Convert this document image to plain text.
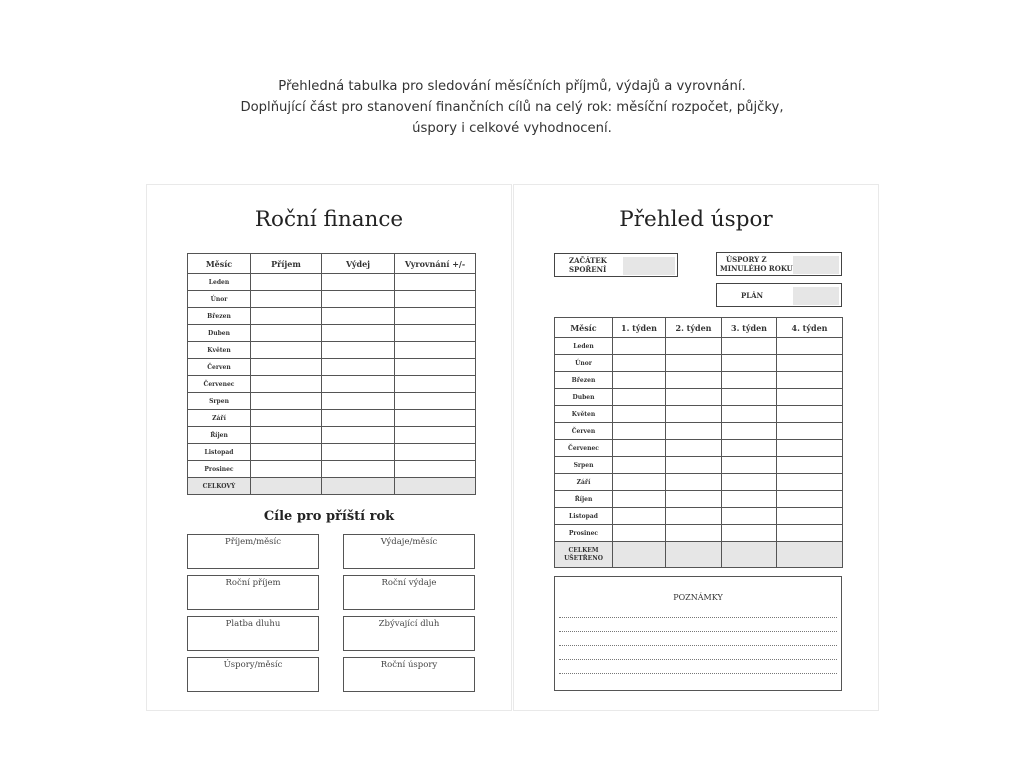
Přehledná tabulka pro sledování měsíčních příjmů, výdajů a vyrovnání.

Doplňující část pro stanovení finančních cílů na celý rok: měsíční rozpočet, půjčky,

úspory i celkové vyhodnocení.

Roční finance
Měsíc	Příjem	Výdej	Vyrovnání +/-
Leden			
Únor			
Březen			
Duben			
Květen			
Červen			
Červenec			
Srpen			
Září			
Říjen			
Listopad			
Prosinec			
CELKOVÝ			
Cíle pro příští rok
Příjem/měsíc	Výdaje/měsíc
Roční příjem	Roční výdaje
Platba dluhu	Zbývající dluh
Úspory/měsíc	Roční úspory
Přehled úspor
ZAČÁTEK
SPOŘENÍ
ÚSPORY Z
MINULÉHO ROKU
PLÁN
Měsíc	1. týden	2. týden	3. týden	4. týden
Leden				
Únor				
Březen				
Duben				
Květen				
Červen				
Červenec				
Srpen				
Září				
Říjen				
Listopad				
Prosinec				
CELKEM
UŠETŘENO				
POZNÁMKY
